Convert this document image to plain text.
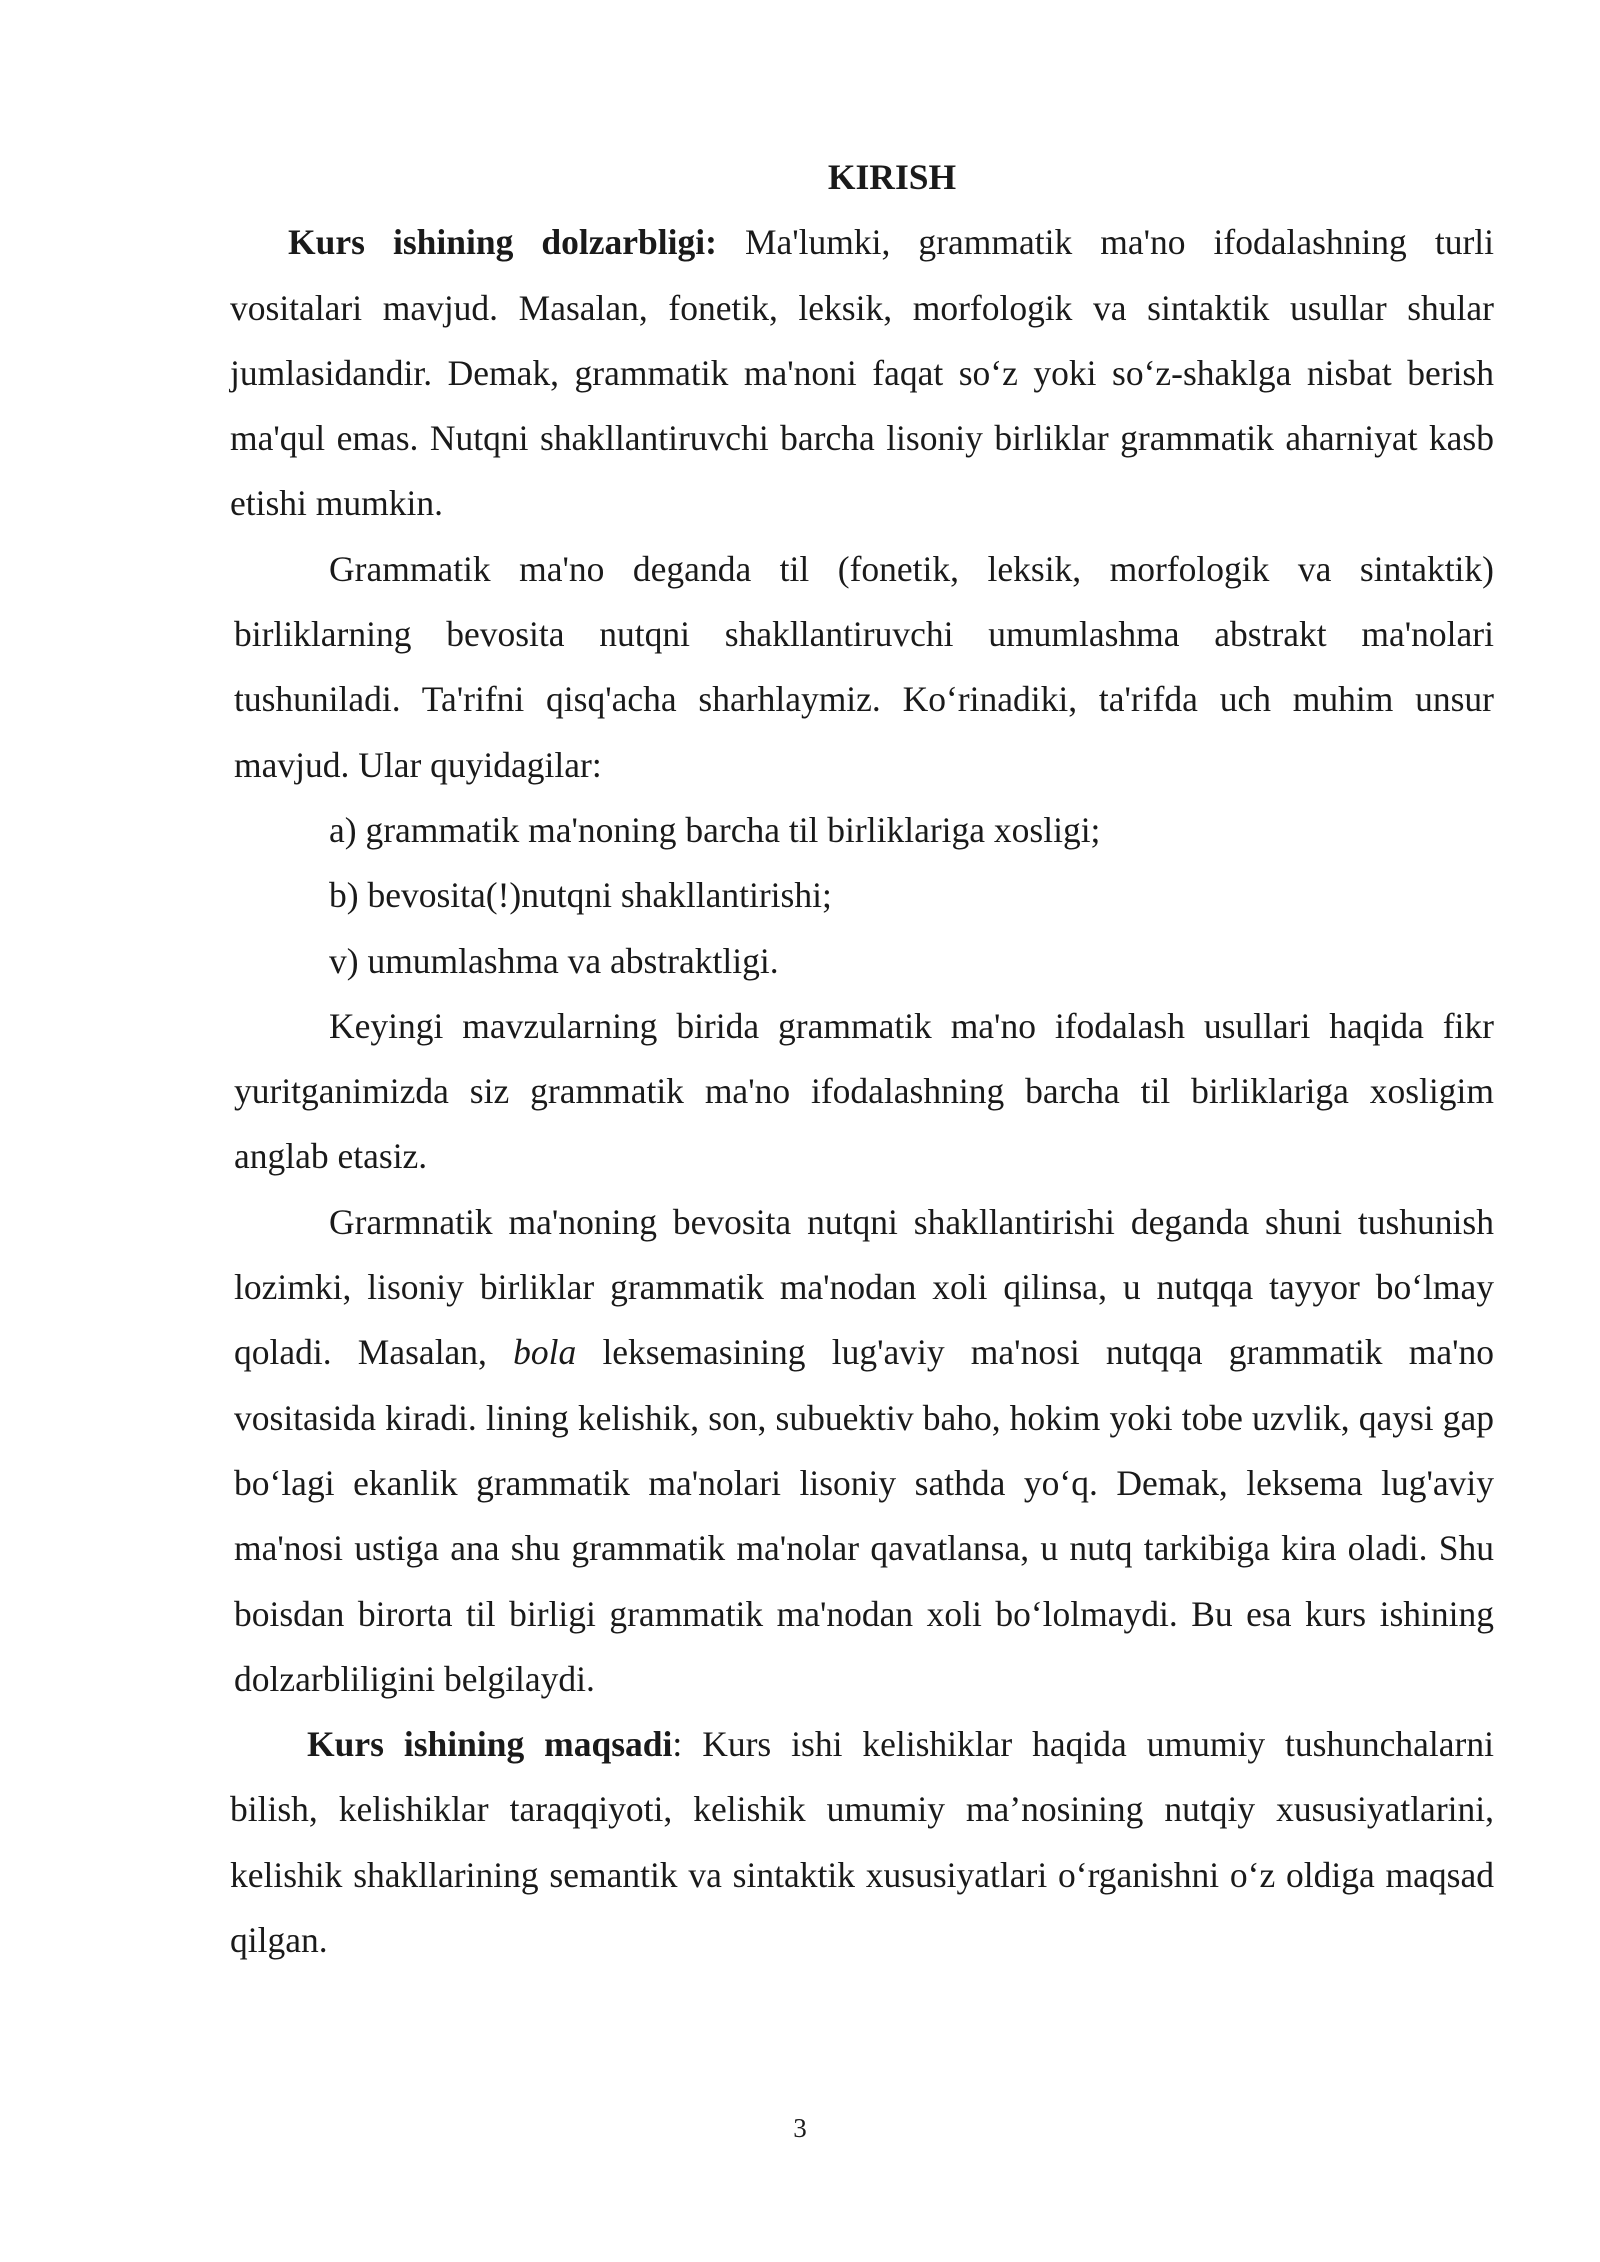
KIRISH

Kurs ishining dolzarbligi: Ma'lumki, grammatik ma'no ifodalashning turli vositalari mavjud. Masalan, fonetik, leksik, morfologik va sintaktik usullar shular jumlasidandir. Demak, grammatik ma'noni faqat so‘z yoki so‘z-shaklga nisbat berish ma'qul emas. Nutqni shakllantiruvchi barcha lisoniy birliklar grammatik aharniyat kasb etishi mumkin.

Grammatik ma'no deganda til (fonetik, leksik, morfologik va sintaktik) birliklarning bevosita nutqni shakllantiruvchi umumlashma abstrakt ma'nolari tushuniladi. Ta'rifni qisq'acha sharhlaymiz. Ko‘rinadiki, ta'rifda uch muhim unsur mavjud. Ular quyidagilar:

a) grammatik ma'noning barcha til birliklariga xosligi;

b) bevosita(!)nutqni shakllantirishi;

v) umumlashma va abstraktligi.

Keyingi mavzularning birida grammatik ma'no ifodalash usullari haqida fikr yuritganimizda siz grammatik ma'no ifodalashning barcha til birliklariga xosligim anglab etasiz.

Grarmnatik ma'noning bevosita nutqni shakllantirishi deganda shuni tushunish lozimki, lisoniy birliklar grammatik ma'nodan xoli qilinsa, u nutqqa tayyor bo‘lmay qoladi. Masalan, bola leksemasining lug'aviy ma'nosi nutqqa grammatik ma'no vositasida kiradi. lining kelishik, son, subuektiv baho, hokim yoki tobe uzvlik, qaysi gap bo‘lagi ekanlik grammatik ma'nolari lisoniy sathda yo‘q. Demak, leksema lug'aviy ma'nosi ustiga ana shu grammatik ma'nolar qavatlansa, u nutq tarkibiga kira oladi. Shu boisdan birorta til birligi grammatik ma'nodan xoli bo‘lolmaydi. Bu esa kurs ishining dolzarbliligini belgilaydi.

Kurs ishining maqsadi: Kurs ishi kelishiklar haqida umumiy tushunchalarni bilish, kelishiklar taraqqiyoti, kelishik umumiy ma’nosining nutqiy xususiyatlarini, kelishik shakllarining semantik va sintaktik xususiyatlari o‘rganishni o‘z oldiga maqsad qilgan.

3
